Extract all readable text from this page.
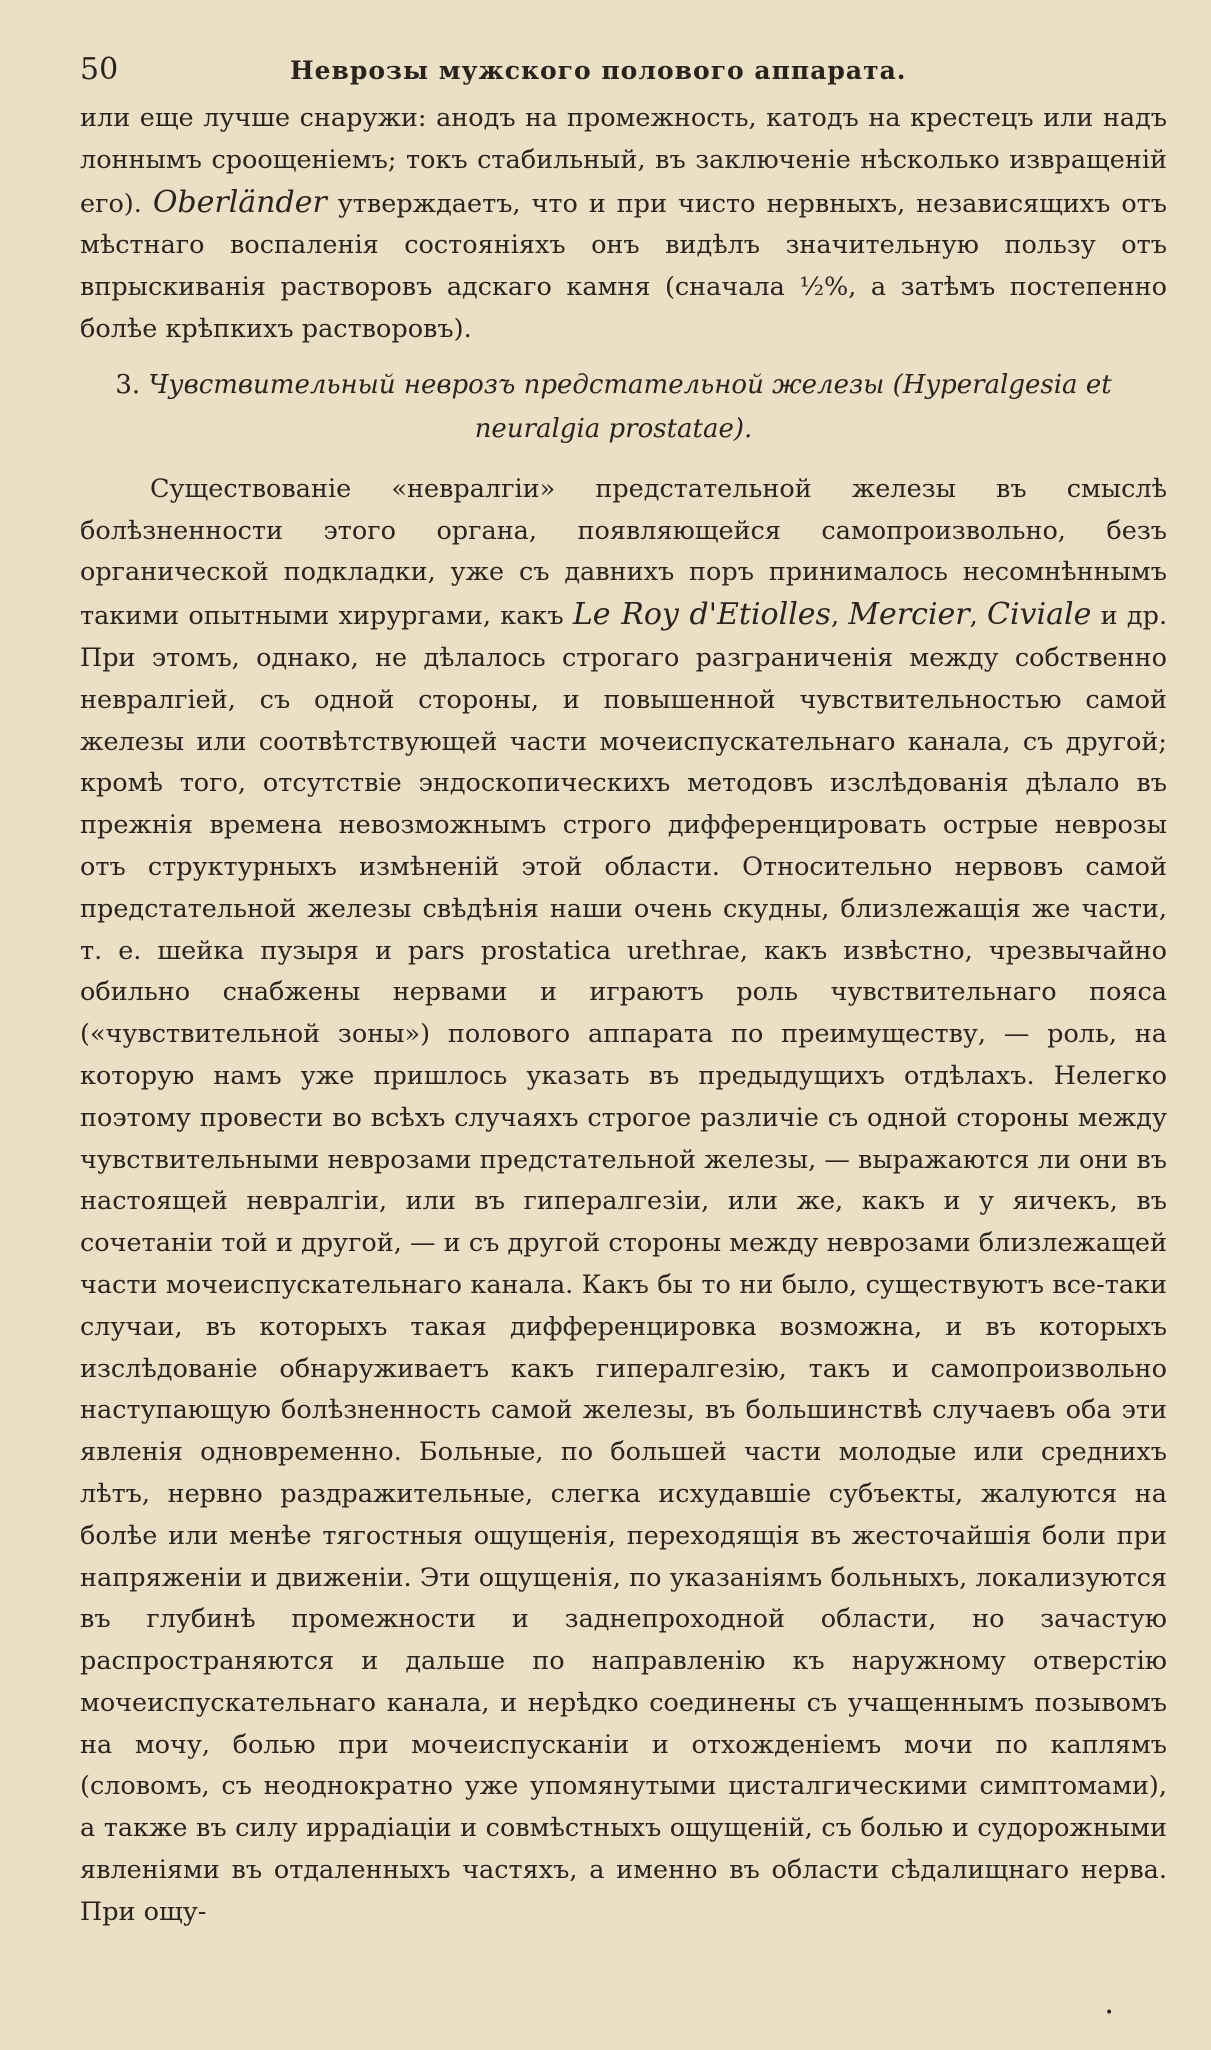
50	Неврозы мужского полового аппарата.

или еще лучше снаружи: анодъ на промежность, катодъ на крестецъ или надъ лоннымъ сроощеніемъ; токъ стабильный, въ заключеніе нѣсколько извращеній его). Oberländer утверждаетъ, что и при чисто нервныхъ, независящихъ отъ мѣстнаго воспаленія состояніяхъ онъ видѣлъ значительную пользу отъ впрыскиванія растворовъ адскаго камня (сначала ½%, а затѣмъ постепенно болѣе крѣпкихъ растворовъ).

3. Чувствительный неврозъ предстательной железы (Hyperalgesia et neuralgia prostatae).

Существованіе «невралгіи» предстательной железы въ смыслѣ болѣзненности этого органа, появляющейся самопроизвольно, безъ органической подкладки, уже съ давнихъ поръ принималось несомнѣннымъ такими опытными хирургами, какъ Le Roy d'Etiolles, Mercier, Civiale и др. При этомъ, однако, не дѣлалось строгаго разграниченія между собственно невралгіей, съ одной стороны, и повышенной чувствительностью самой железы или соотвѣтствующей части мочеиспускательнаго канала, съ другой; кромѣ того, отсутствіе эндоскопическихъ методовъ изслѣдованія дѣлало въ прежнія времена невозможнымъ строго дифференцировать острые неврозы отъ структурныхъ измѣненій этой области. Относительно нервовъ самой предстательной железы свѣдѣнія наши очень скудны, близлежащія же части, т. е. шейка пузыря и pars prostatica urethrae, какъ извѣстно, чрезвычайно обильно снабжены нервами и играютъ роль чувствительнаго пояса («чувствительной зоны») полового аппарата по преимуществу, — роль, на которую намъ уже пришлось указать въ предыдущихъ отдѣлахъ. Нелегко поэтому провести во всѣхъ случаяхъ строгое различіе съ одной стороны между чувствительными неврозами предстательной железы, — выражаются ли они въ настоящей невралгіи, или въ гипералгезіи, или же, какъ и у яичекъ, въ сочетаніи той и другой, — и съ другой стороны между неврозами близлежащей части мочеиспускательнаго канала. Какъ бы то ни было, существуютъ все-таки случаи, въ которыхъ такая дифференцировка возможна, и въ которыхъ изслѣдованіе обнаруживаетъ какъ гипералгезію, такъ и самопроизвольно наступающую болѣзненность самой железы, въ большинствѣ случаевъ оба эти явленія одновременно. Больные, по большей части молодые или среднихъ лѣтъ, нервно раздражительные, слегка исхудавшіе субъекты, жалуются на болѣе или менѣе тягостныя ощущенія, переходящія въ жесточайшія боли при напряженіи и движеніи. Эти ощущенія, по указаніямъ больныхъ, локализуются въ глубинѣ промежности и заднепроходной области, но зачастую распространяются и дальше по направленію къ наружному отверстію мочеиспускательнаго канала, и нерѣдко соединены съ учащеннымъ позывомъ на мочу, болью при мочеиспусканіи и отхожденіемъ мочи по каплямъ (словомъ, съ неоднократно уже упомянутыми цисталгическими симптомами), а также въ силу иррадіаціи и совмѣстныхъ ощущеній, съ болью и судорожными явленіями въ отдаленныхъ частяхъ, а именно въ области сѣдалищнаго нерва. При ощу-

•
